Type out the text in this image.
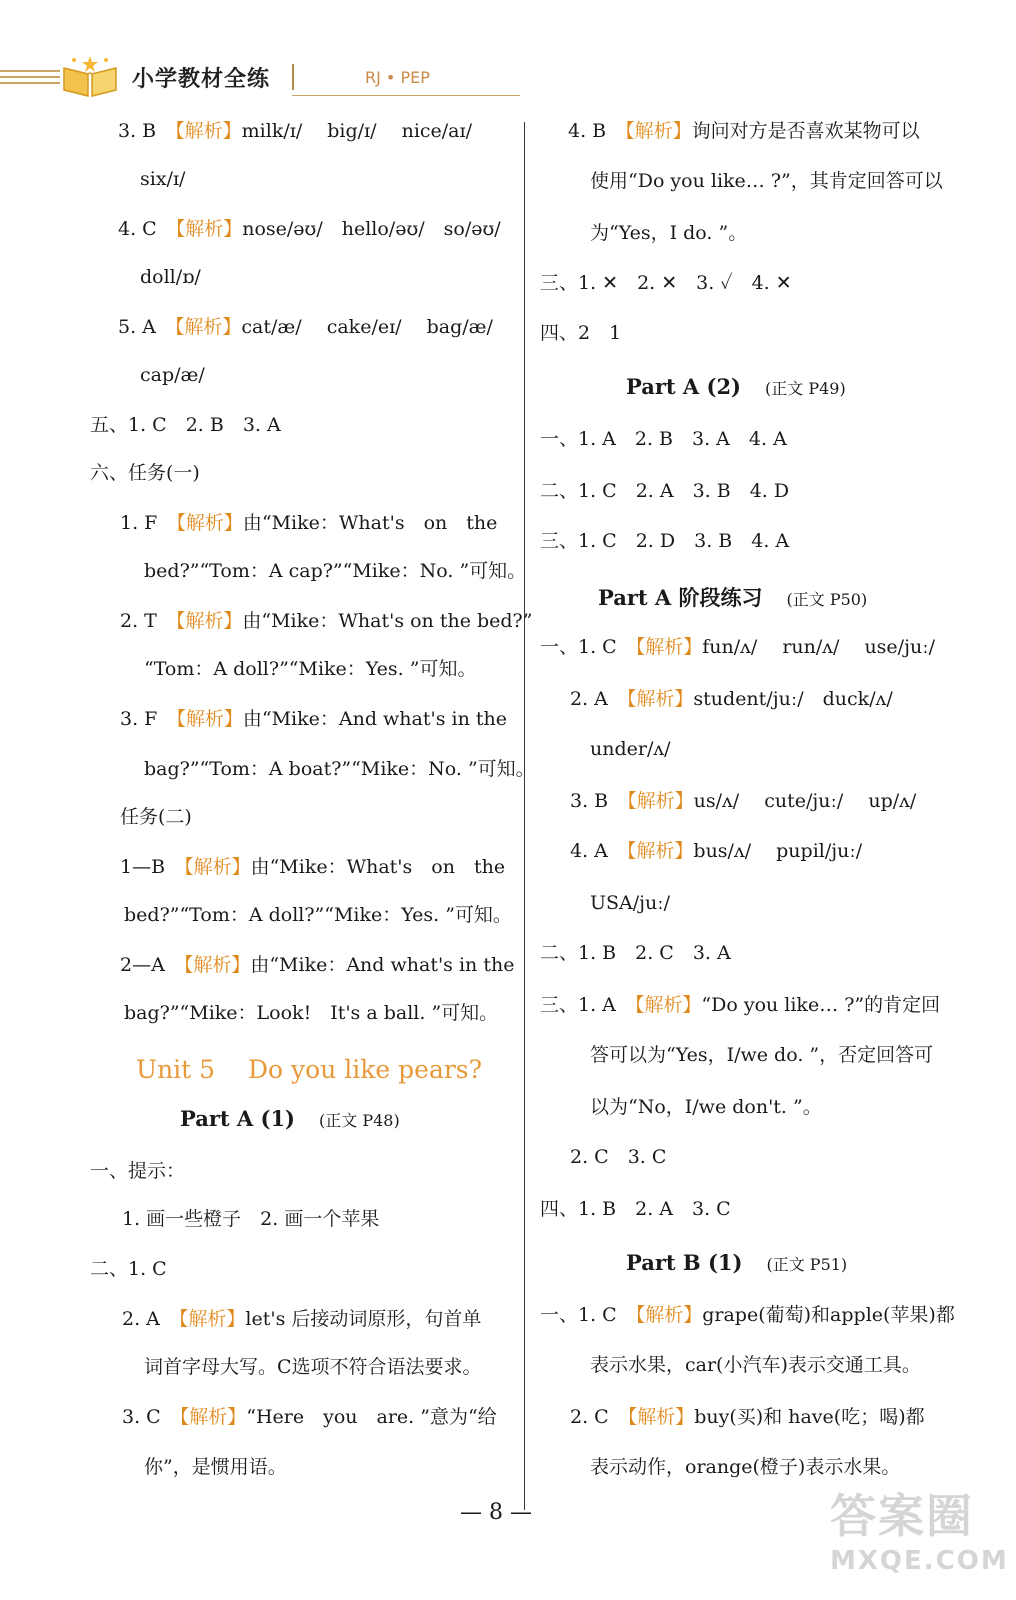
小学教材全练	RJ • PEP
3. B　【解析】milk/ɪ/　 big/ɪ/　 nice/aɪ/
six/ɪ/
4. C　【解析】nose/əʊ/　hello/əʊ/　so/əʊ/
doll/ɒ/
5. A　【解析】cat/æ/　 cake/eɪ/　 bag/æ/
cap/æ/
五、1. C　2. B　3. A
六、任务(一)
1. F　【解析】由“Mike：What's　on　the
bed?”“Tom：A cap?”“Mike：No. ”可知。
2. T　【解析】由“Mike：What's on the bed?”
“Tom：A doll?”“Mike：Yes. ”可知。
3. F　【解析】由“Mike：And what's in the
bag?”“Tom：A boat?”“Mike：No. ”可知。
任务(二)
1—B　【解析】由“Mike：What's　on　the
bed?”“Tom：A doll?”“Mike：Yes. ”可知。
2—A　【解析】由“Mike：And what's in the
bag?”“Mike：Look!　It's a ball. ”可知。
Unit 5　 Do you like pears?
Part A (1) (正文 P48)
一、提示：
1. 画一些橙子　2. 画一个苹果
二、1. C
2. A　【解析】let's 后接动词原形，句首单
词首字母大写。C选项不符合语法要求。
3. C　【解析】“Here　you　are. ”意为“给
你”，是惯用语。
4. B　【解析】询问对方是否喜欢某物可以
使用“Do you like… ?”，其肯定回答可以
为“Yes，I do. ”。
三、1. ✕　2. ✕　3. ✓　4. ✕
四、2　1
Part A (2) (正文 P49)
一、1. A　2. B　3. A　4. A
二、1. C　2. A　3. B　4. D
三、1. C　2. D　3. B　4. A
Part A 阶段练习 (正文 P50)
一、1. C　【解析】fun/ʌ/　 run/ʌ/　 use/juː/
2. A　【解析】student/juː/　duck/ʌ/
under/ʌ/
3. B　【解析】us/ʌ/　 cute/juː/　 up/ʌ/
4. A　【解析】bus/ʌ/　 pupil/juː/
USA/juː/
二、1. B　2. C　3. A
三、1. A　【解析】“Do you like… ?”的肯定回
答可以为“Yes，I/we do. ”，否定回答可
以为“No，I/we don't. ”。
2. C　3. C
四、1. B　2. A　3. C
Part B (1) (正文 P51)
一、1. C　【解析】grape(葡萄)和apple(苹果)都
表示水果，car(小汽车)表示交通工具。
2. C　【解析】buy(买)和 have(吃；喝)都
表示动作，orange(橙子)表示水果。
— 8 —	答案圈
MXQE.COM
